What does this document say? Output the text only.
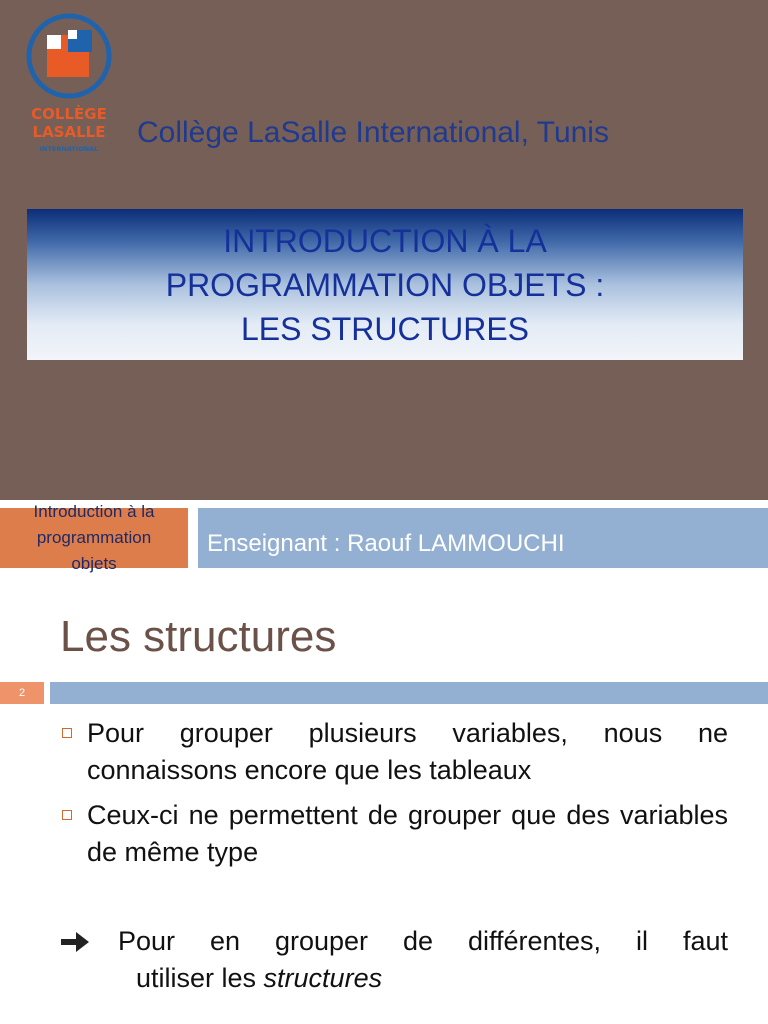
COLLÈGE
LASALLE
INTERNATIONAL Collège LaSalle International, Tunis
INTRODUCTION À LA
PROGRAMMATION OBJETS :
LES STRUCTURES
Introduction à la
programmation
objets
Enseignant : Raouf LAMMOUCHI
Les structures
2
Pour grouper plusieurs variables, nous ne connaissons encore que les tableaux
Ceux-ci ne permettent de grouper que des variables de même type
Pour en grouper de différentes, il faut
utiliser les structures
